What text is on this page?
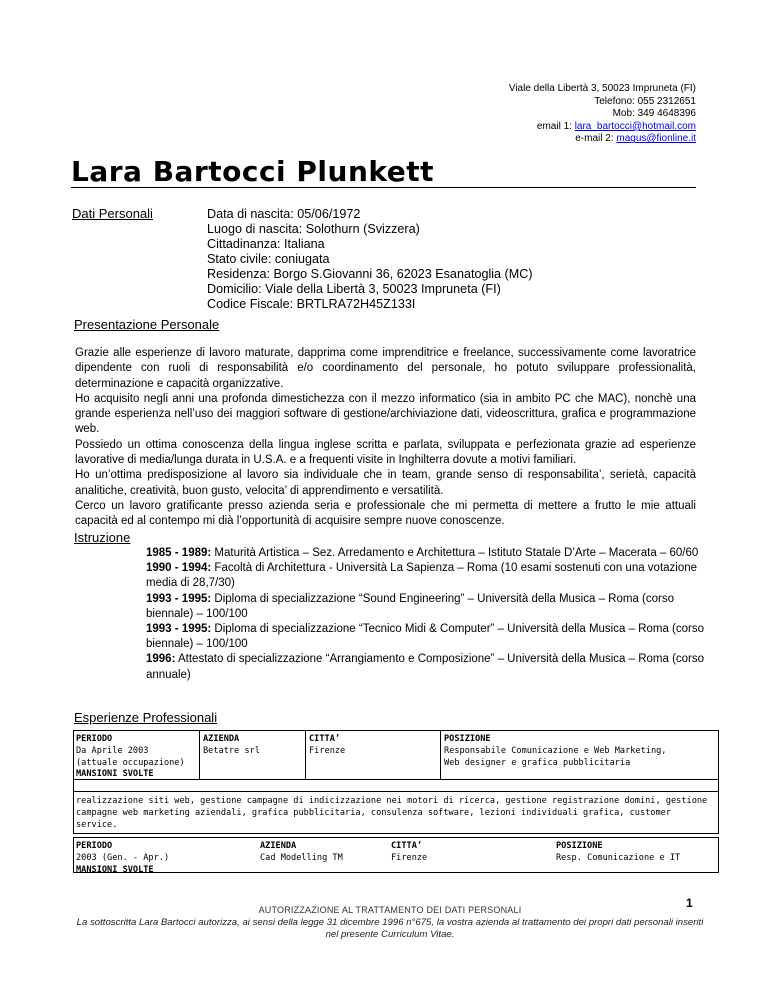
Viale della Libertà 3, 50023 Impruneta (FI)
Telefono: 055 2312651
Mob: 349 4648396
email 1: lara_bartocci@hotmail.com
e-mail 2: magus@fionline.it
Lara Bartocci Plunkett
Dati Personali	Data di nascita: 05/06/1972
Luogo di nascita: Solothurn (Svizzera)
Cittadinanza: Italiana
Stato civile: coniugata
Residenza: Borgo S.Giovanni 36, 62023 Esanatoglia (MC)
Domicilio: Viale della Libertà 3, 50023 Impruneta (FI)
Codice Fiscale: BRTLRA72H45Z133I
Presentazione Personale

Grazie alle esperienze di lavoro maturate, dapprima come imprenditrice e freelance, successivamente come lavoratrice dipendente con ruoli di responsabilità e/o coordinamento del personale, ho potuto sviluppare professionalità, determinazione e capacità organizzative.

Ho acquisito negli anni una profonda dimestichezza con il mezzo informatico (sia in ambito PC che MAC), nonchè una grande esperienza nell’uso dei maggiori software di gestione/archiviazione dati, videoscrittura, grafica e programmazione web.

Possiedo un ottima conoscenza della lingua inglese scritta e parlata, sviluppata e perfezionata grazie ad esperienze lavorative di media/lunga durata in U.S.A. e a frequenti visite in Inghilterra dovute a motivi familiari.

Ho un’ottima predisposizione al lavoro sia individuale che in team, grande senso di responsabilita’, serietà, capacità analitiche, creatività, buon gusto, velocita’ di apprendimento e versatilità.

Cerco un lavoro gratificante presso azienda seria e professionale che mi permetta di mettere a frutto le mie attuali capacità ed al contempo mi dià l’opportunità di acquisire sempre nuove conoscenze.

Istruzione

1985 - 1989: Maturità Artistica – Sez. Arredamento e Architettura – Istituto Statale D’Arte – Macerata – 60/60

1990 - 1994: Facoltà di Architettura - Università La Sapienza – Roma (10 esami sostenuti con una votazione media di 28,7/30)

1993 - 1995: Diploma di specializzazione “Sound Engineering” – Università della Musica – Roma (corso biennale) – 100/100

1993 - 1995: Diploma di specializzazione “Tecnico Midi & Computer” – Università della Musica – Roma (corso biennale) – 100/100

1996: Attestato di specializzazione “Arrangiamento e Composizione” – Università della Musica – Roma (corso annuale)

Esperienze Professionali
PERIODO
Da Aprile 2003
(attuale occupazione)
AZIENDA
Betatre srl
CITTA’
Firenze
POSIZIONE
Responsabile Comunicazione e Web Marketing,
Web designer e grafica pubblicitaria
MANSIONI SVOLTE
realizzazione siti web, gestione campagne di indicizzazione nei motori di ricerca, gestione registrazione domini, gestione campagne web marketing aziendali, grafica pubblicitaria, consulenza software, lezioni individuali grafica, customer service.
PERIODO
2003 (Gen. - Apr.)
AZIENDA
Cad Modelling TM
CITTA’
Firenze
POSIZIONE
Resp. Comunicazione e IT
MANSIONI SVOLTE
AUTORIZZAZIONE AL TRATTAMENTO DEI DATI PERSONALI
La sottoscritta Lara Bartocci autorizza, ai sensi della legge 31 dicembre 1996 n°675, la vostra azienda al trattamento dei propri dati personali inseriti nel presente Curriculum Vitae.
1
